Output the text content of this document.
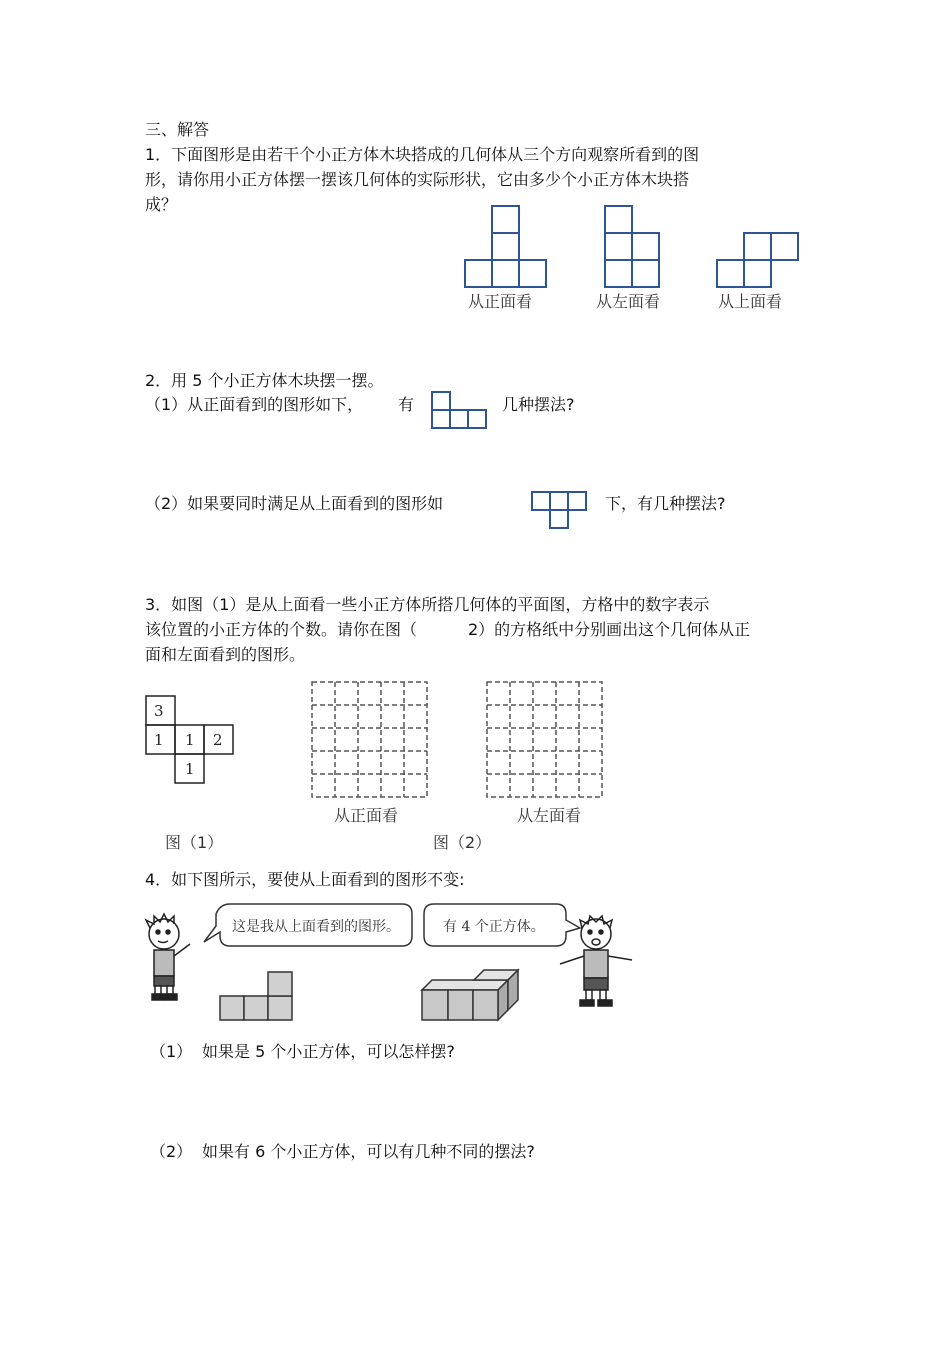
三、解答
1．下面图形是由若干个小正方体木块搭成的几何体从三个方向观察所看到的图
形，请你用小正方体摆一摆该几何体的实际形状，它由多少个小正方体木块搭
成？
从正面看	从左面看	从上面看
2．用 5 个小正方体木块摆一摆。
（1）从正面看到的图形如下， 有	几种摆法?
（2）如果要同时满足从上面看到的图形如	下，有几种摆法?
3．如图（1）是从上面看一些小正方体所搭几何体的平面图，方格中的数字表示
该位置的小正方体的个数。请你在图（	2）的方格纸中分别画出这个几何体从正
面和左面看到的图形。
3
1 1 2
1
从正面看	从左面看
图（1）	图（2）
4．如下图所示，要使从上面看到的图形不变:
这是我从上面看到的图形。	有 4 个正方体。
（1） 如果是 5 个小正方体，可以怎样摆?
（2） 如果有 6 个小正方体，可以有几种不同的摆法?
